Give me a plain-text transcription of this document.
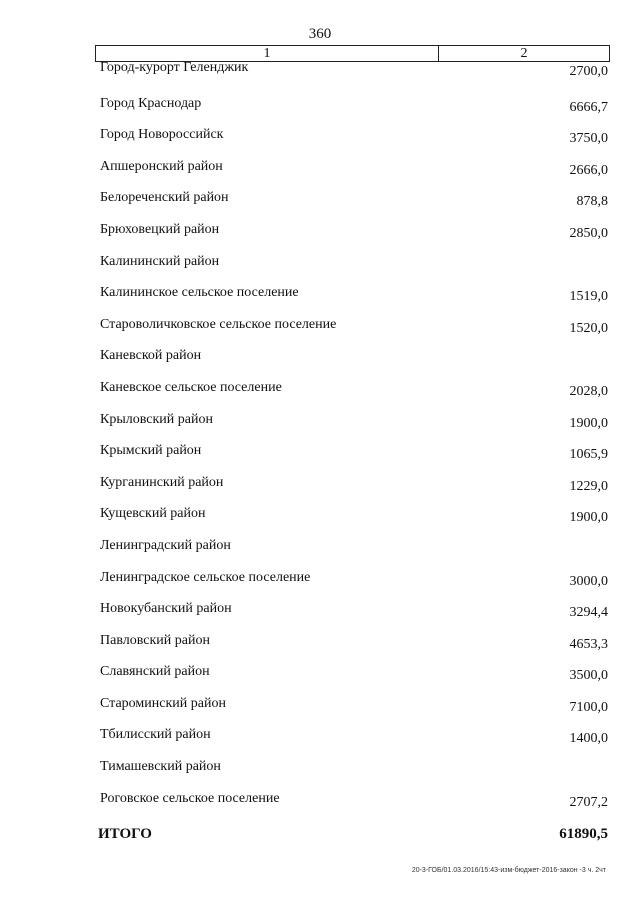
360
1	2
Город-курорт Геленджик	2700,0
Город Краснодар	6666,7
Город Новороссийск	3750,0
Апшеронский район	2666,0
Белореченский район	878,8
Брюховецкий район	2850,0
Калининский район
Калининское сельское поселение	1519,0
Староволичковское сельское поселение	1520,0
Каневской район
Каневское сельское поселение	2028,0
Крыловский район	1900,0
Крымский район	1065,9
Курганинский район	1229,0
Кущевский район	1900,0
Ленинградский район
Ленинградское сельское поселение	3000,0
Новокубанский район	3294,4
Павловский район	4653,3
Славянский район	3500,0
Староминский район	7100,0
Тбилисский район	1400,0
Тимашевский район
Роговское сельское поселение	2707,2
ИТОГО	61890,5
20-3-ГОБ/01.03.2016/15:43-изм-бюджет-2016-закон -3 ч. 2чт
